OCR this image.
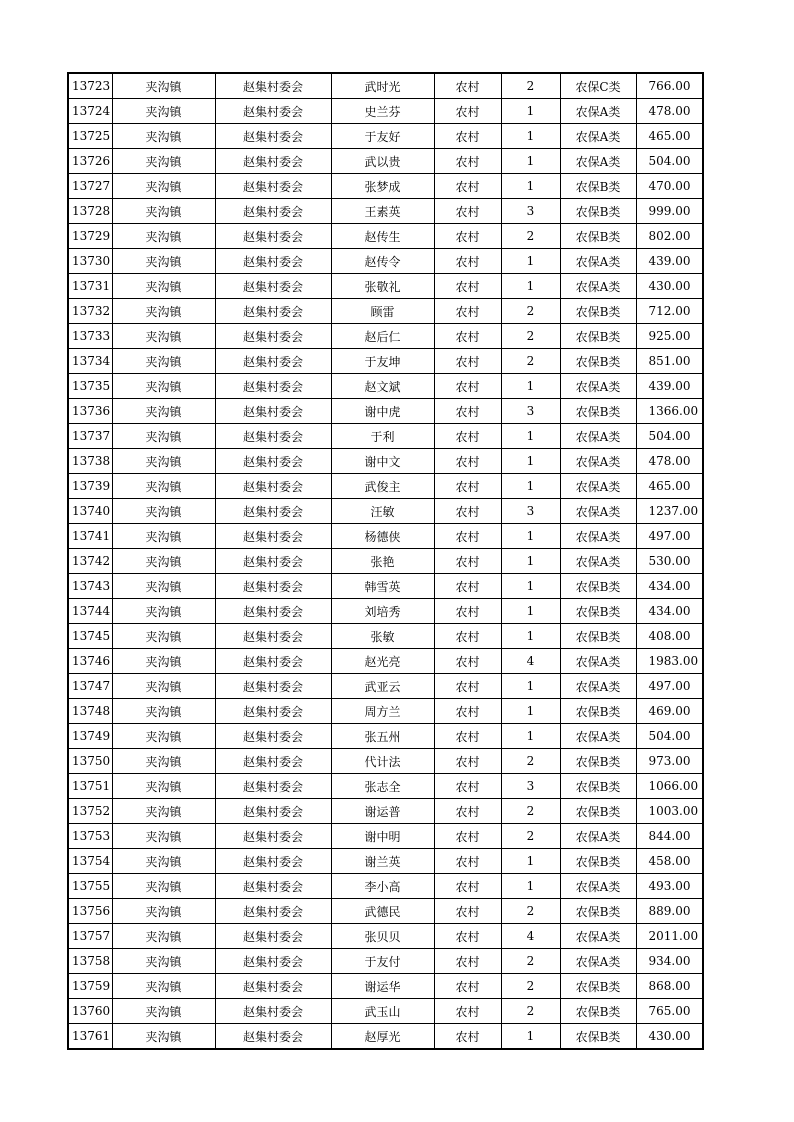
13723	夹沟镇	赵集村委会	武时光	农村	2	农保C类	766.00
13724	夹沟镇	赵集村委会	史兰芬	农村	1	农保A类	478.00
13725	夹沟镇	赵集村委会	于友好	农村	1	农保A类	465.00
13726	夹沟镇	赵集村委会	武以贵	农村	1	农保A类	504.00
13727	夹沟镇	赵集村委会	张梦成	农村	1	农保B类	470.00
13728	夹沟镇	赵集村委会	王素英	农村	3	农保B类	999.00
13729	夹沟镇	赵集村委会	赵传生	农村	2	农保B类	802.00
13730	夹沟镇	赵集村委会	赵传令	农村	1	农保A类	439.00
13731	夹沟镇	赵集村委会	张敬礼	农村	1	农保A类	430.00
13732	夹沟镇	赵集村委会	顾雷	农村	2	农保B类	712.00
13733	夹沟镇	赵集村委会	赵后仁	农村	2	农保B类	925.00
13734	夹沟镇	赵集村委会	于友坤	农村	2	农保B类	851.00
13735	夹沟镇	赵集村委会	赵文斌	农村	1	农保A类	439.00
13736	夹沟镇	赵集村委会	谢中虎	农村	3	农保B类	1366.00
13737	夹沟镇	赵集村委会	于利	农村	1	农保A类	504.00
13738	夹沟镇	赵集村委会	谢中文	农村	1	农保A类	478.00
13739	夹沟镇	赵集村委会	武俊主	农村	1	农保A类	465.00
13740	夹沟镇	赵集村委会	汪敏	农村	3	农保A类	1237.00
13741	夹沟镇	赵集村委会	杨德侠	农村	1	农保A类	497.00
13742	夹沟镇	赵集村委会	张艳	农村	1	农保A类	530.00
13743	夹沟镇	赵集村委会	韩雪英	农村	1	农保B类	434.00
13744	夹沟镇	赵集村委会	刘培秀	农村	1	农保B类	434.00
13745	夹沟镇	赵集村委会	张敏	农村	1	农保B类	408.00
13746	夹沟镇	赵集村委会	赵光亮	农村	4	农保A类	1983.00
13747	夹沟镇	赵集村委会	武亚云	农村	1	农保A类	497.00
13748	夹沟镇	赵集村委会	周方兰	农村	1	农保B类	469.00
13749	夹沟镇	赵集村委会	张五州	农村	1	农保A类	504.00
13750	夹沟镇	赵集村委会	代计法	农村	2	农保B类	973.00
13751	夹沟镇	赵集村委会	张志全	农村	3	农保B类	1066.00
13752	夹沟镇	赵集村委会	谢运普	农村	2	农保B类	1003.00
13753	夹沟镇	赵集村委会	谢中明	农村	2	农保A类	844.00
13754	夹沟镇	赵集村委会	谢兰英	农村	1	农保B类	458.00
13755	夹沟镇	赵集村委会	李小高	农村	1	农保A类	493.00
13756	夹沟镇	赵集村委会	武德民	农村	2	农保B类	889.00
13757	夹沟镇	赵集村委会	张贝贝	农村	4	农保A类	2011.00
13758	夹沟镇	赵集村委会	于友付	农村	2	农保A类	934.00
13759	夹沟镇	赵集村委会	谢运华	农村	2	农保B类	868.00
13760	夹沟镇	赵集村委会	武玉山	农村	2	农保B类	765.00
13761	夹沟镇	赵集村委会	赵厚光	农村	1	农保B类	430.00
